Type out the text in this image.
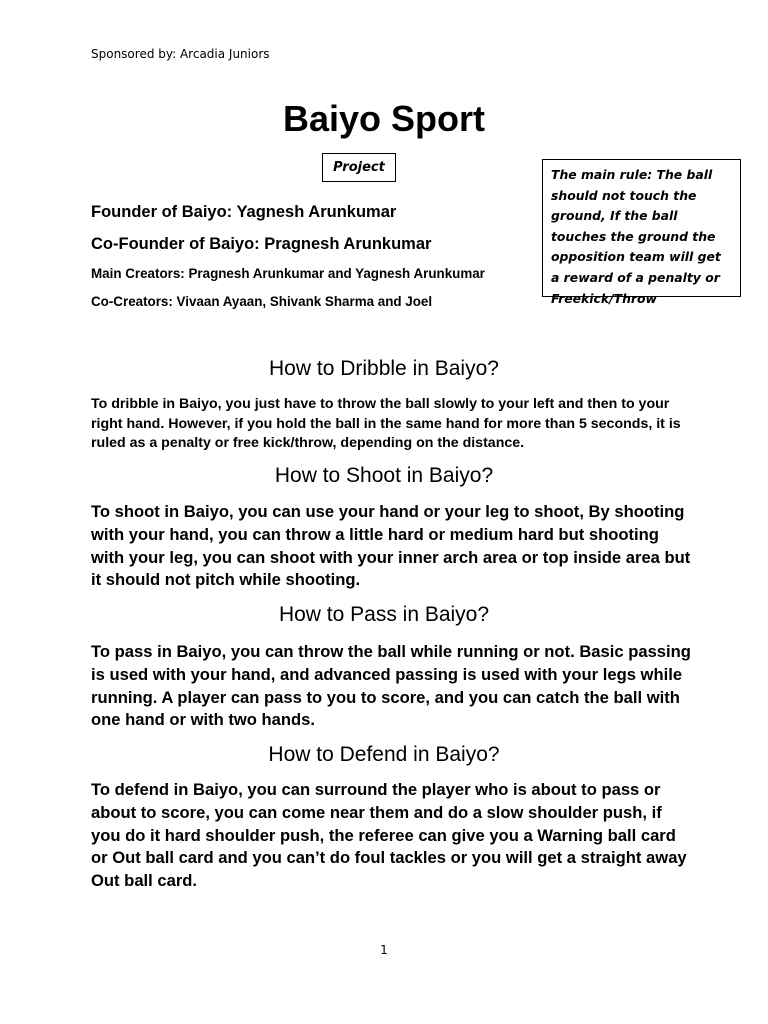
Sponsored by: Arcadia Juniors
Baiyo Sport
Project	The main rule: The ball should not touch the ground, If the ball touches the ground the opposition team will get a reward of a penalty or Freekick/Throw
Founder of Baiyo: Yagnesh Arunkumar
Co-Founder of Baiyo: Pragnesh Arunkumar
Main Creators: Pragnesh Arunkumar and Yagnesh Arunkumar
Co-Creators: Vivaan Ayaan, Shivank Sharma and Joel
How to Dribble in Baiyo?

To dribble in Baiyo, you just have to throw the ball slowly to your left and then to your right hand. However, if you hold the ball in the same hand for more than 5 seconds, it is ruled as a penalty or free kick/throw, depending on the distance.

How to Shoot in Baiyo?

To shoot in Baiyo, you can use your hand or your leg to shoot, By shooting with your hand, you can throw a little hard or medium hard but shooting with your leg, you can shoot with your inner arch area or top inside area but it should not pitch while shooting.

How to Pass in Baiyo?

To pass in Baiyo, you can throw the ball while running or not. Basic passing is used with your hand, and advanced passing is used with your legs while running. A player can pass to you to score, and you can catch the ball with one hand or with two hands.

How to Defend in Baiyo?

To defend in Baiyo, you can surround the player who is about to pass or about to score, you can come near them and do a slow shoulder push, if you do it hard shoulder push, the referee can give you a Warning ball card or Out ball card and you can’t do foul tackles or you will get a straight away Out ball card.

1
